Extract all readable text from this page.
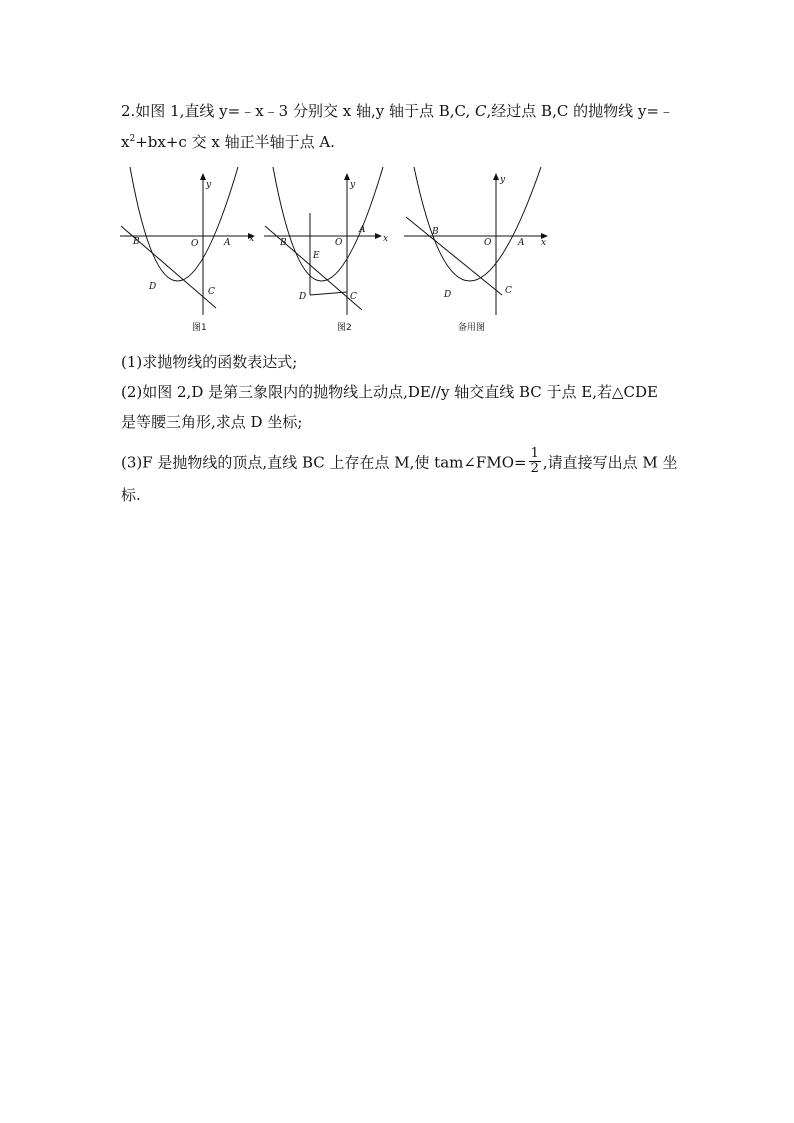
2.如图 1,直线 y=﹣x﹣3 分别交 x 轴,y 轴于点 B,C, C,经过点 B,C 的抛物线 y=﹣
$x^2+bx+c$ 交 x 轴正半轴于点 A.
x
y
O	A
B
C
D
图1
x
y
O
A
B
C
D
E
图2
x
y
O	A
B
C
D
备用图
(1)求抛物线的函数表达式;
(2)如图 2,D 是第三象限内的抛物线上动点,DE//y 轴交直线 BC 于点 E,若△CDE
是等腰三角形,求点 D 坐标;
(3)F 是抛物线的顶点,直线 BC 上存在点 M,使 tam∠FMO= $\frac{1}{2}$ ,请直接写出点 M 坐
标.
